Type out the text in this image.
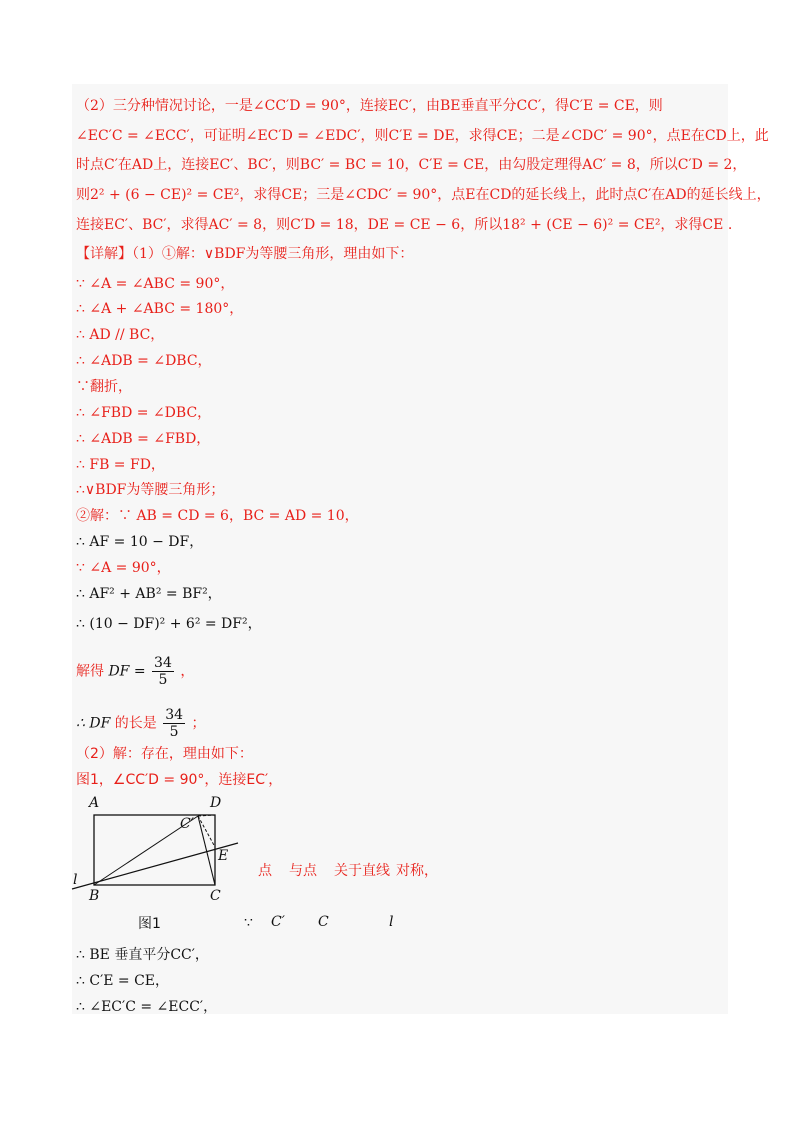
（2）三分种情况讨论，一是∠CC′D = 90°，连接EC′，由BE垂直平分CC′，得C′E = CE，则
∠EC′C = ∠ECC′，可证明∠EC′D = ∠EDC′，则C′E = DE，求得CE；二是∠CDC′ = 90°，点E在CD上，此
时点C′在AD上，连接EC′、BC′，则BC′ = BC = 10，C′E = CE，由勾股定理得AC′ = 8，所以C′D = 2，
则2² + (6 − CE)² = CE²，求得CE；三是∠CDC′ = 90°，点E在CD的延长线上，此时点C′在AD的延长线上，
连接EC′、BC′，求得AC′ = 8，则C′D = 18，DE = CE − 6，所以18² + (CE − 6)² = CE²，求得CE .
【详解】（1）①解：∨BDF为等腰三角形，理由如下：
∵ ∠A = ∠ABC = 90°，
∴ ∠A + ∠ABC = 180°，
∴ AD // BC，
∴ ∠ADB = ∠DBC，
∵翻折，
∴ ∠FBD = ∠DBC，
∴ ∠ADB = ∠FBD，
∴ FB = FD，
∴∨BDF为等腰三角形；
②解：∵ AB = CD = 6，BC = AD = 10，
∴ AF = 10 − DF，
∵ ∠A = 90°，
∴ AF² + AB² = BF²，
∴ (10 − DF)² + 6² = DF²，
解得 DF = $\frac{34}{5}$ ，
∴ DF 的长是 $\frac{34}{5}$ ；
（2）解：存在，理由如下：
图1，∠CC′D = 90°，连接EC′，
A	D
C′
E
l
B	C
图1
点 与点 关于直线 对称，
∵ C′ C	l
∴ BE 垂直平分CC′，
∴ C′E = CE，
∴ ∠EC′C = ∠ECC′，
